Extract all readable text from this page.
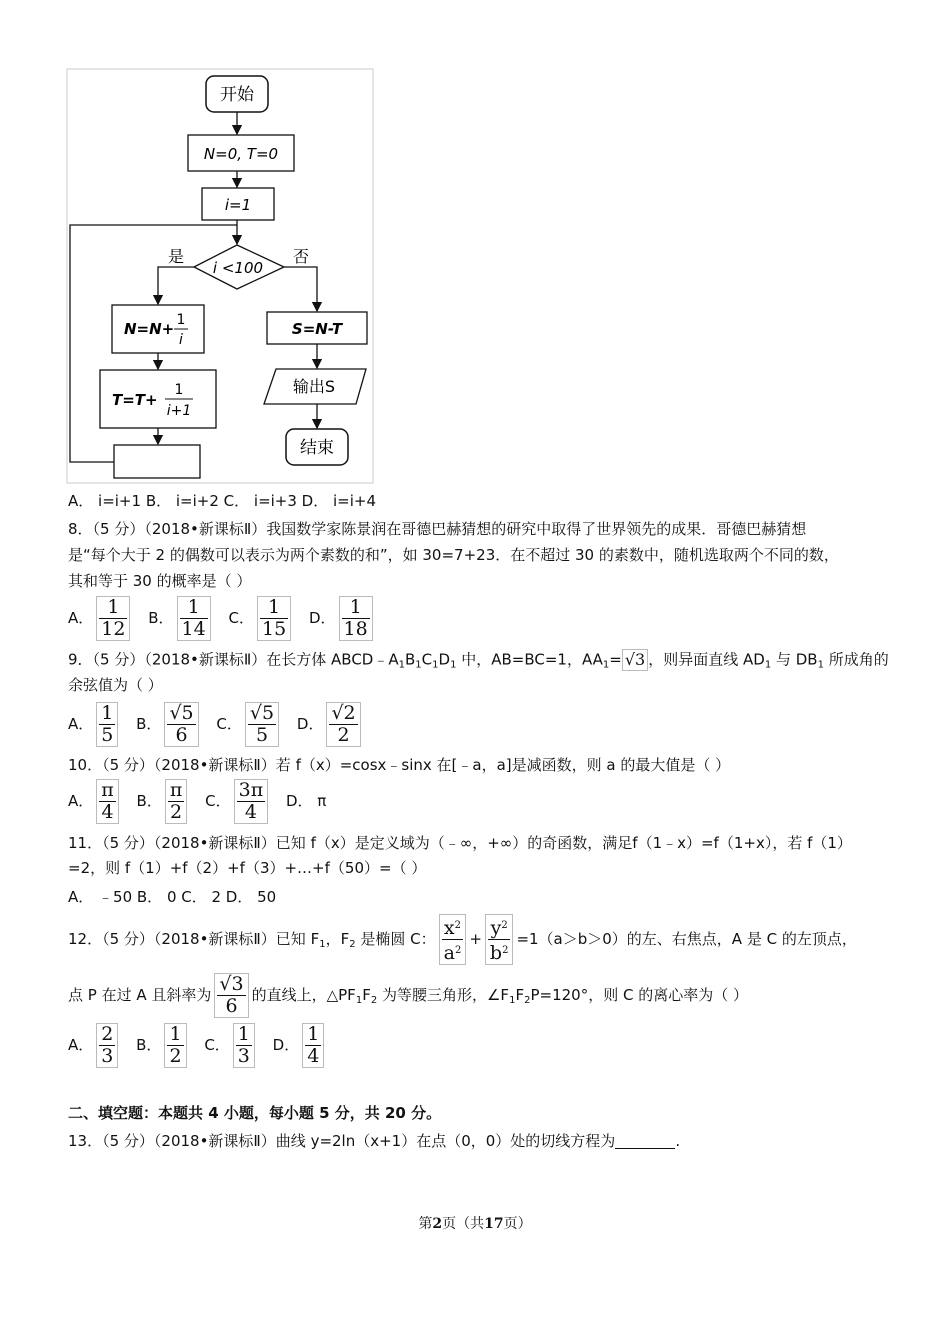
开始
N=0, T=0
i=1
i <100
是	否
N=N+ 1
i
T=T+
1
i+1
S=N-T
输出S
结束
A． i=i+1 B． i=i+2 C． i=i+3 D． i=i+4
8．（5 分）（2018•新课标Ⅱ）我国数学家陈景润在哥德巴赫猜想的研究中取得了世界领先的成果．哥德巴赫猜想
是“每个大于 2 的偶数可以表示为两个素数的和”，如 30=7+23．在不超过 30 的素数中，随机选取两个不同的数，
其和等于 30 的概率是（ ）
A． $\frac{1}{12}$ B． $\frac{1}{14}$ C． $\frac{1}{15}$ D． $\frac{1}{18}$
9．（5 分）（2018•新课标Ⅱ）在长方体 $ABCD﹣A_1B_1C_1D_1$ 中，AB=BC=1，$AA_1= √3$ ，则异面直线 $AD_1$ 与 $DB_1$ 所成角的
余弦值为（ ）
A． $\frac{1}{5}$ B． $\frac{√5}{6}$ C． $\frac{√5}{5}$ D． $\frac{√2}{2}$
10．（5 分）（2018•新课标Ⅱ）若 f（x）=cosx﹣sinx 在[﹣a，a]是减函数，则 a 的最大值是（ ）
A． $\frac{\pi}{4}$ B． $\frac{\pi}{2}$ C． $\frac{3\pi}{4}$ D． π
11．（5 分）（2018•新课标Ⅱ）已知 f（x）是定义域为（﹣∞，+∞）的奇函数，满足f（1﹣x）=f（1+x），若 f（1）
=2，则 f（1）+f（2）+f（3）+…+f（50）=（ ）
A． ﹣50 B． 0 C． 2 D． 50
12．（5 分）（2018•新课标Ⅱ）已知 $F_1$，$F_2$ 是椭圆 C： $\frac{x^2}{a^2} + \frac{y^2}{b^2} =1(a>b>0)$的左、右焦点，A 是 C 的左顶点，
点 P 在过 A 且斜率为 $\frac{√3}{6}$ 的直线上，$\triangle PF_1F_2$ 为等腰三角形，$\angle F_1F_2P=120^\circ$，则 C 的离心率为（ ）
A． $\frac{2}{3}$ B． $\frac{1}{2}$ C． $\frac{1}{3}$ D． $\frac{1}{4}$
二、填空题：本题共 4 小题，每小题 5 分，共 20 分。
13．（5 分）（2018•新课标Ⅱ）曲线 y=2ln（x+1）在点（0，0）处的切线方程为	.
第2页（共17页）
